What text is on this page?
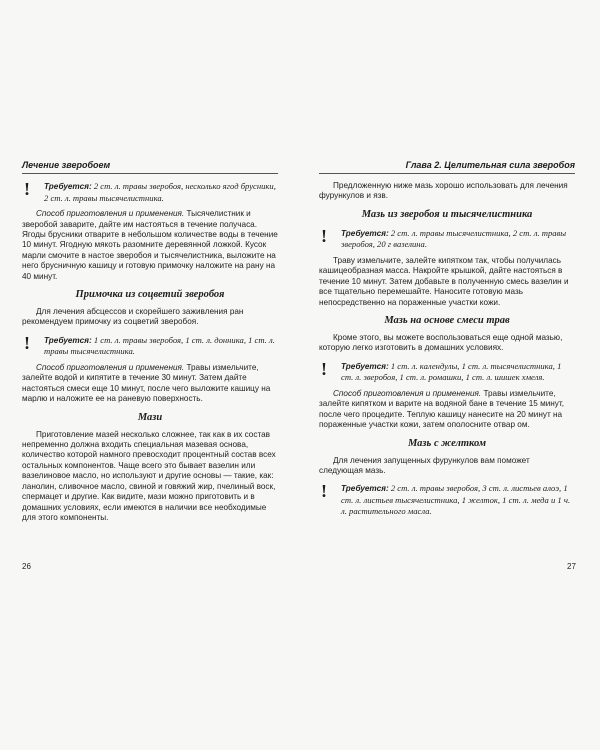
Лечение зверобоем
! Требуется: 2 ст. л. травы зверобоя, несколько ягод брусники, 2 ст. л. травы тысячелистника.

Способ приготовления и применения. Тысячелистник и зверобой заварите, дайте им настояться в течение получаса. Ягоды брусники отварите в небольшом количестве воды в течение 10 минут. Ягодную мякоть разомните деревянной ложкой. Кусок марли смочите в настое зверобоя и тысячелистника, выложите на него брусничную кашицу и готовую примочку наложите на рану на 40 минут.

Примочка из соцветий зверобоя

Для лечения абсцессов и скорейшего заживления ран рекомендуем примочку из соцветий зверобоя.

! Требуется: 1 ст. л. травы зверобоя, 1 ст. л. донника, 1 ст. л. травы тысячелистника.

Способ приготовления и применения. Травы измельчите, залейте водой и кипятите в течение 30 минут. Затем дайте настояться смеси еще 10 минут, после чего выложите кашицу на марлю и наложите ее на раневую поверхность.

Мази

Приготовление мазей несколько сложнее, так как в их состав непременно должна входить специальная мазевая основа, количество которой намного превосходит процентный состав всех остальных компонентов. Чаще всего это бывает вазелин или вазелиновое масло, но используют и другие основы — такие, как: ланолин, сливочное масло, свиной и говяжий жир, пчелиный воск, спермацет и другие. Как видите, мази можно приготовить и в домашних условиях, если имеются в наличии все необходимые для этого компоненты.

26
Глава 2. Целительная сила зверобоя

Предложенную ниже мазь хорошо использовать для лечения фурункулов и язв.

Мазь из зверобоя и тысячелистника
! Требуется: 2 ст. л. травы тысячелистника, 2 ст. л. травы зверобоя, 20 г вазелина.

Траву измельчите, залейте кипятком так, чтобы получилась кашицеобразная масса. Накройте крышкой, дайте настояться в течение 10 минут. Затем добавьте в полученную смесь вазелин и все тщательно перемешайте. Наносите готовую мазь непосредственно на пораженные участки кожи.

Мазь на основе смеси трав

Кроме этого, вы можете воспользоваться еще одной мазью, которую легко изготовить в домашних условиях.

! Требуется: 1 ст. л. календулы, 1 ст. л. тысячелистника, 1 ст. л. зверобоя, 1 ст. л. ромашки, 1 ст. л. шишек хмеля.

Способ приготовления и применения. Травы измельчите, залейте кипятком и варите на водяной бане в течение 15 минут, после чего процедите. Теплую кашицу нанесите на 20 минут на пораженные участки кожи, затем ополосните отвар ом.

Мазь с желтком

Для лечения запущенных фурункулов вам поможет следующая мазь.

! Требуется: 2 ст. л. травы зверобоя, 3 ст. л. листьев алоэ, 1 ст. л. листьев тысячелистника, 1 желток, 1 ст. л. меда и 1 ч. л. растительного масла.
27
